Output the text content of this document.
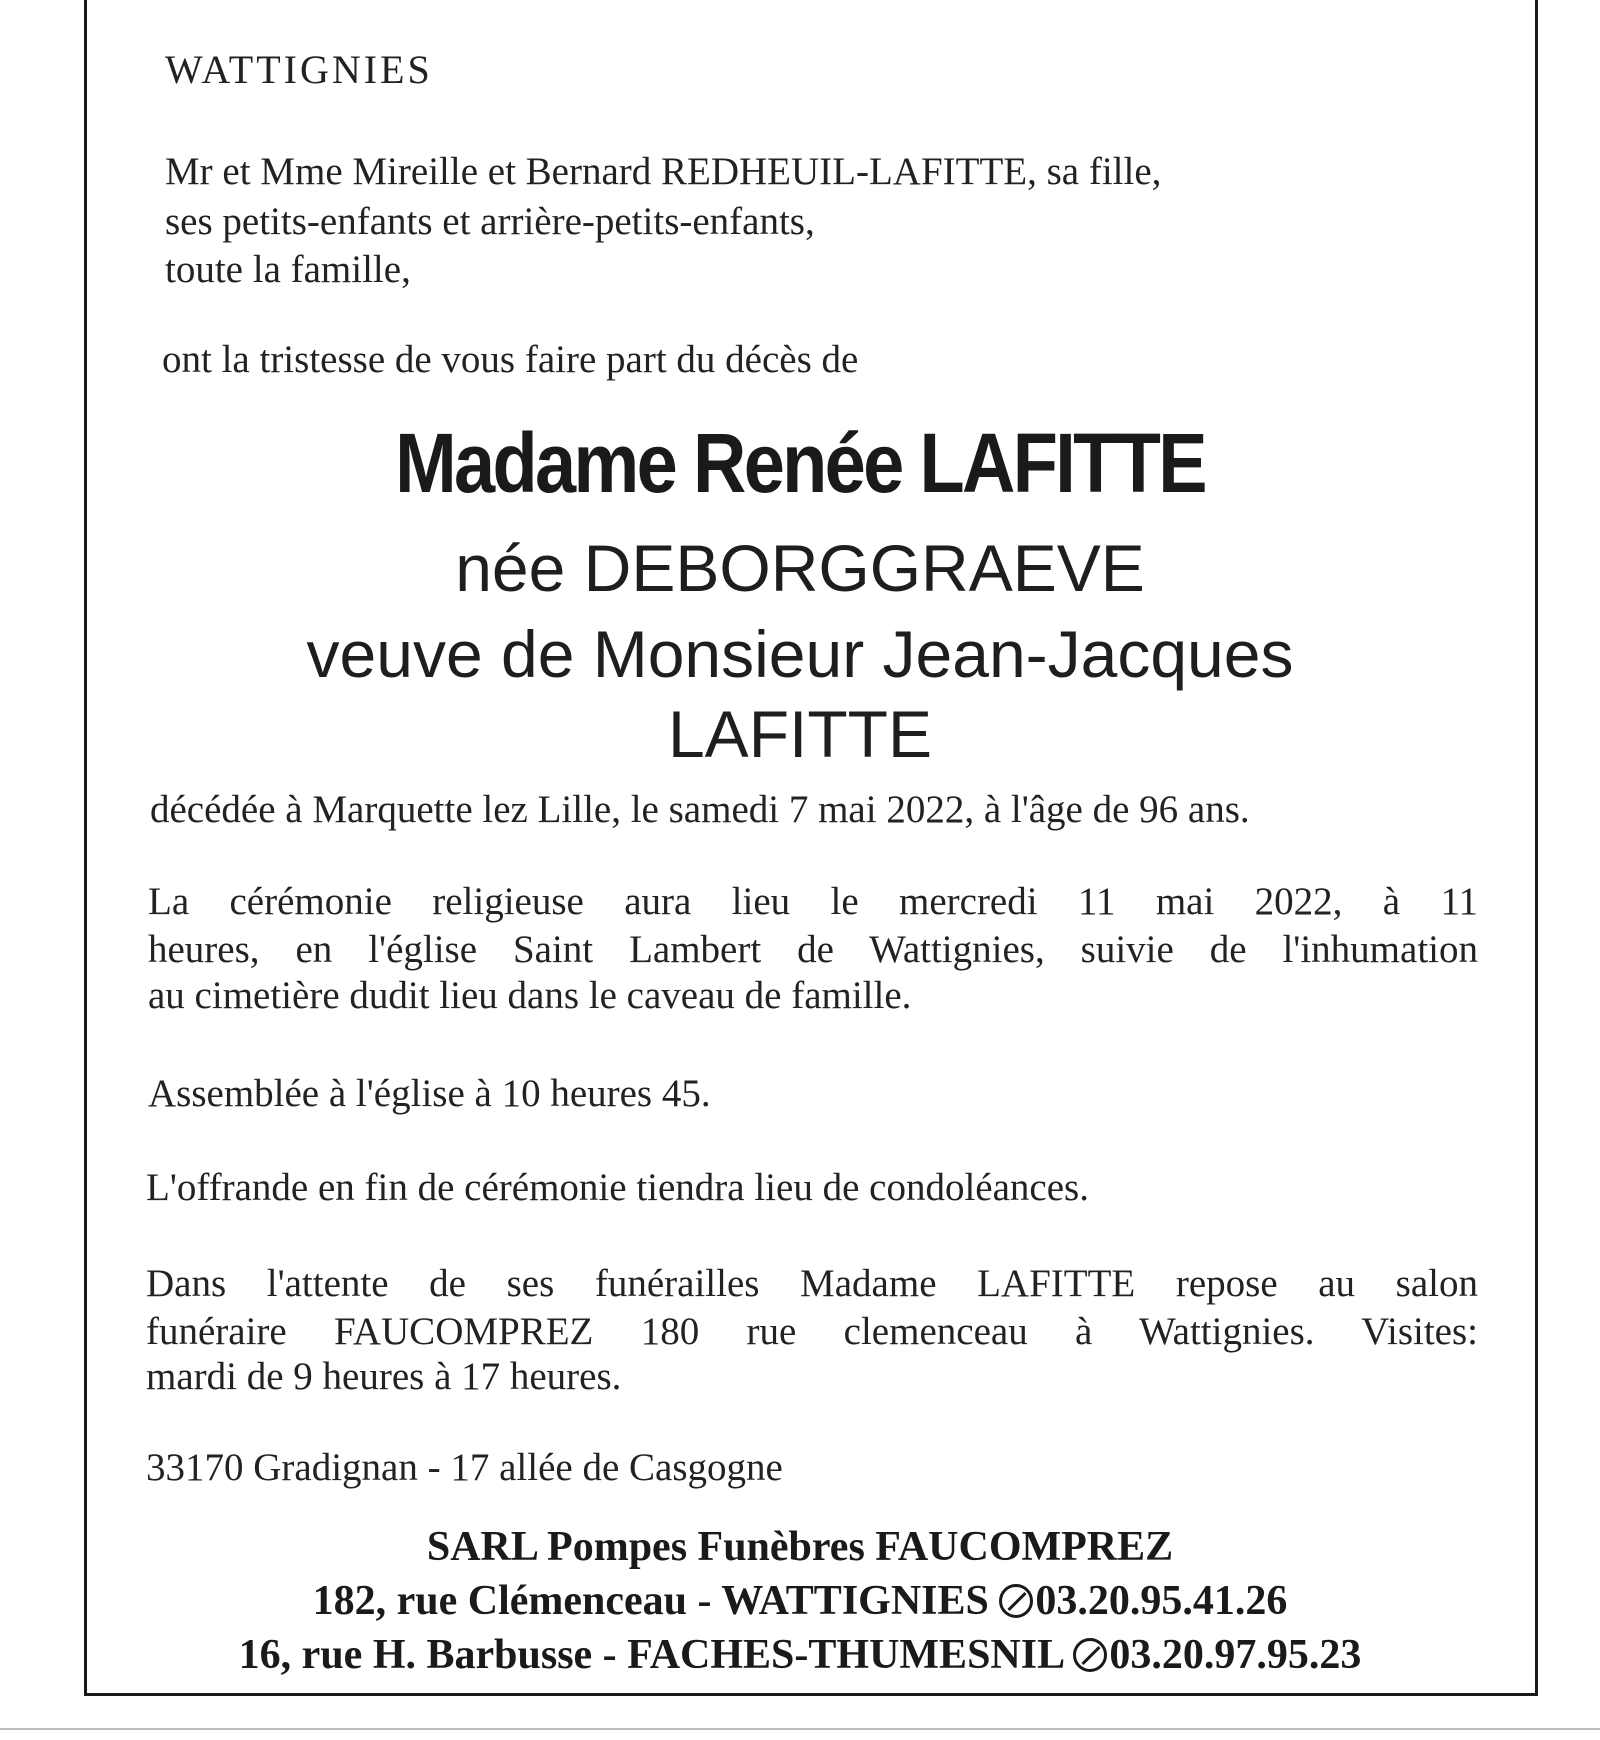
WATTIGNIES

Mr et Mme Mireille et Bernard REDHEUIL-LAFITTE, sa fille,

ses petits-enfants et arrière-petits-enfants,

toute la famille,

ont la tristesse de vous faire part du décès de

Madame Renée LAFITTE

née DEBORGGRAEVE

veuve de Monsieur Jean-Jacques

LAFITTE

décédée à Marquette lez Lille, le samedi 7 mai 2022, à l'âge de 96 ans.

La cérémonie religieuse aura lieu le mercredi 11 mai 2022, à 11

heures, en l'église Saint Lambert de Wattignies, suivie de l'inhumation

au cimetière dudit lieu dans le caveau de famille.

Assemblée à l'église à 10 heures 45.

L'offrande en fin de cérémonie tiendra lieu de condoléances.

Dans l'attente de ses funérailles Madame LAFITTE repose au salon

funéraire FAUCOMPREZ 180 rue clemenceau à Wattignies. Visites:

mardi de 9 heures à 17 heures.

33170 Gradignan - 17 allée de Casgogne

SARL Pompes Funèbres FAUCOMPREZ

182, rue Clémenceau - WATTIGNIES 03.20.95.41.26

16, rue H. Barbusse - FACHES-THUMESNIL 03.20.97.95.23
